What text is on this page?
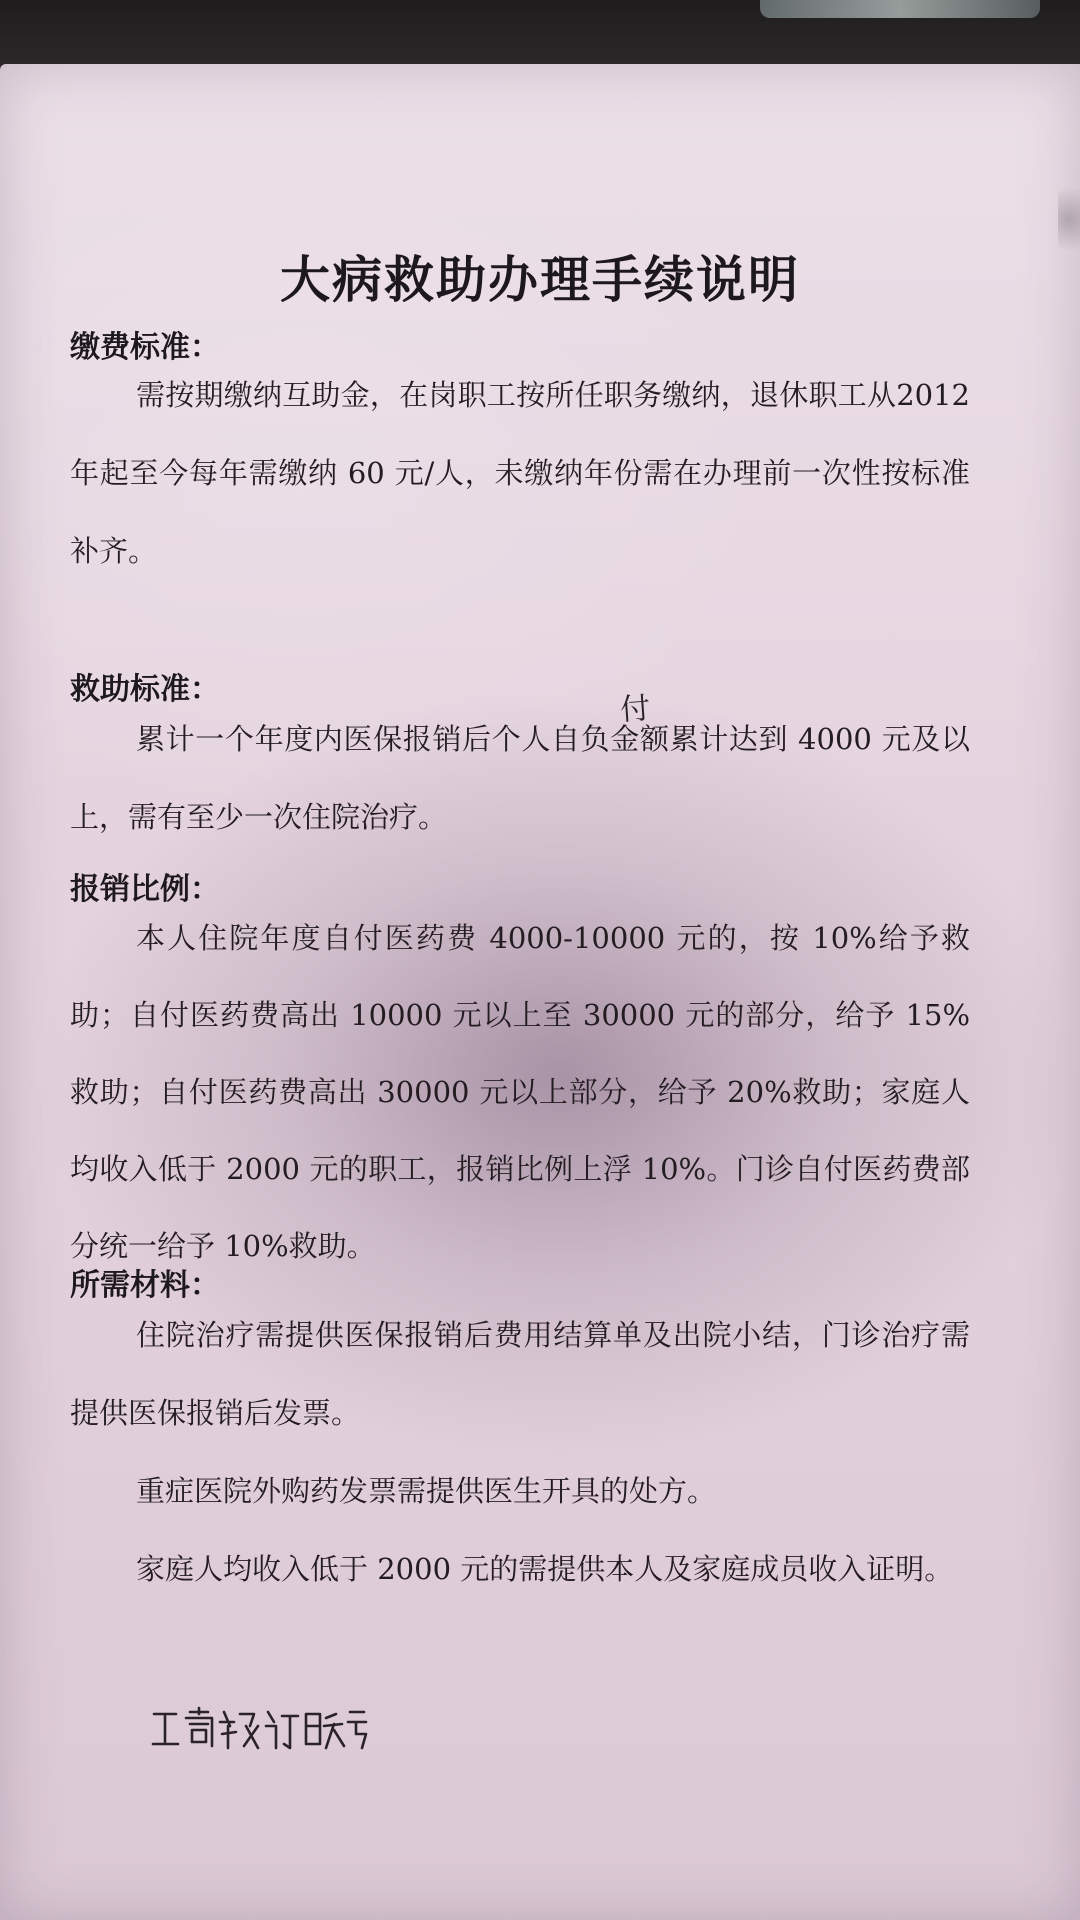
大病救助办理手续说明
缴费标准：
需按期缴纳互助金，在岗职工按所任职务缴纳，退休职工从2012 年起至今每年需缴纳 60 元/人，未缴纳年份需在办理前一次性按标准补齐。
救助标准：
累计一个年度内医保报销后个人自负金额累计达到 4000 元及以上，需有至少一次住院治疗。
付
报销比例：
本人住院年度自付医药费 4000-10000 元的，按 10%给予救助；自付医药费高出 10000 元以上至 30000 元的部分，给予 15%救助；自付医药费高出 30000 元以上部分，给予 20%救助；家庭人均收入低于 2000 元的职工，报销比例上浮 10%。门诊自付医药费部分统一给予 10%救助。
所需材料：
住院治疗需提供医保报销后费用结算单及出院小结，门诊治疗需提供医保报销后发票。
重症医院外购药发票需提供医生开具的处方。
家庭人均收入低于 2000 元的需提供本人及家庭成员收入证明。
